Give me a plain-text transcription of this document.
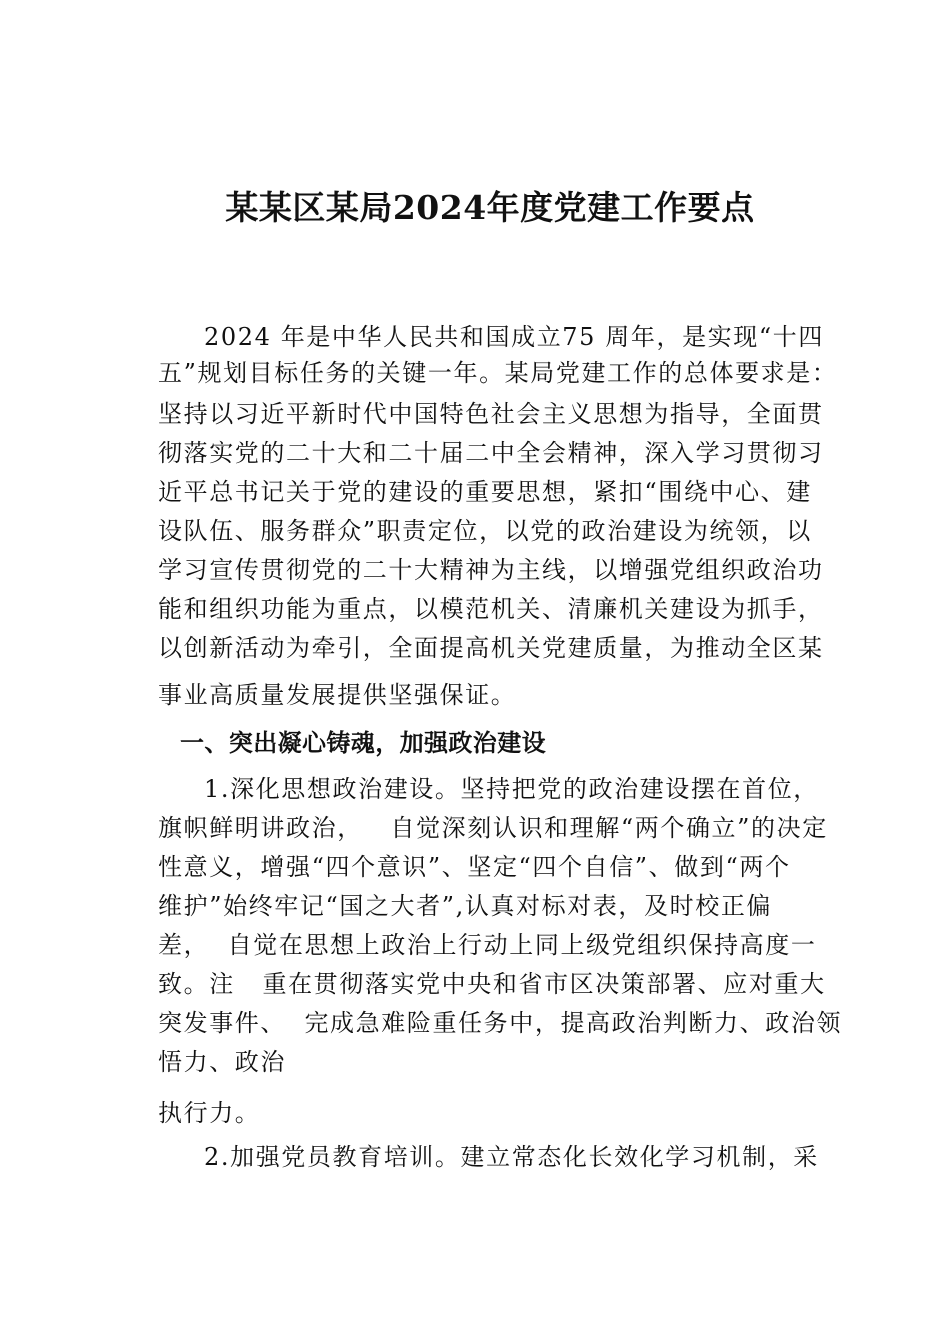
某某区某局2024年度党建工作要点

2024 年是中华人民共和国成立75 周年，是实现“十四

五”规划目标任务的关键一年。某局党建工作的总体要求是：

坚持以习近平新时代中国特色社会主义思想为指导，全面贯

彻落实党的二十大和二十届二中全会精神，深入学习贯彻习

近平总书记关于党的建设的重要思想，紧扣“围绕中心、建

设队伍、服务群众”职责定位，以党的政治建设为统领，以

学习宣传贯彻党的二十大精神为主线，以增强党组织政治功

能和组织功能为重点，以模范机关、清廉机关建设为抓手，

以创新活动为牵引，全面提高机关党建质量，为推动全区某

事业高质量发展提供坚强保证。

一、突出凝心铸魂，加强政治建设

1.深化思想政治建设。坚持把党的政治建设摆在首位，

旗帜鲜明讲政治，   自觉深刻认识和理解“两个确立”的决定

性意义，增强“四个意识”、坚定“四个自信”、做到“两个

维护”始终牢记“国之大者”,认真对标对表，及时校正偏

差，  自觉在思想上政治上行动上同上级党组织保持高度一

致。注   重在贯彻落实党中央和省市区决策部署、应对重大

突发事件、  完成急难险重任务中，提高政治判断力、政治领

悟力、政治

执行力。

2.加强党员教育培训。建立常态化长效化学习机制，采
